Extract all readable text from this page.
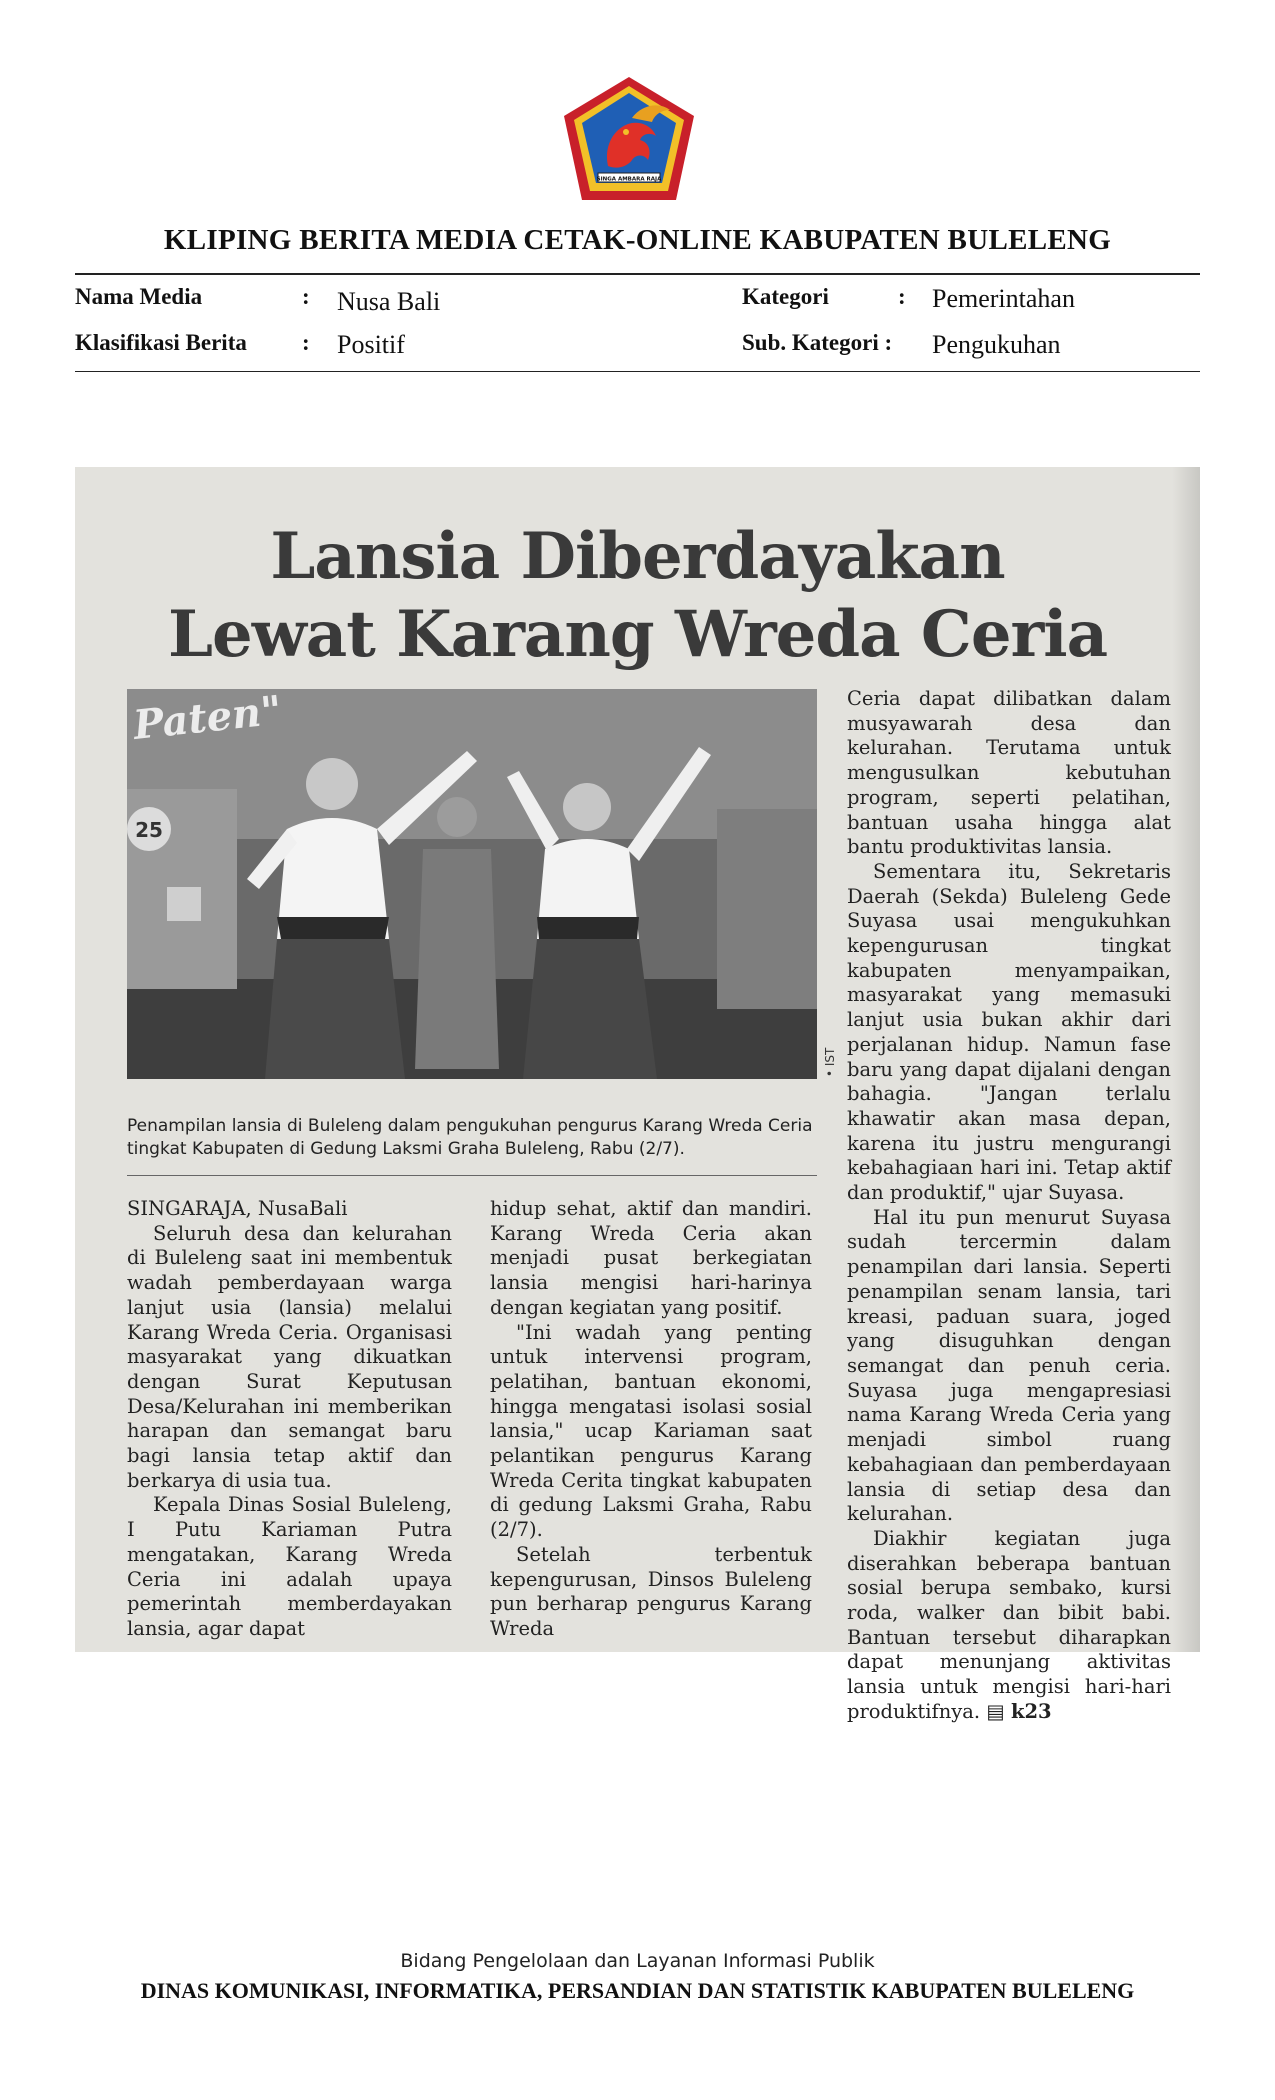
SINGA AMBARA RAJA
KLIPING BERITA MEDIA CETAK-ONLINE KABUPATEN BULELENG
Nama Media	: Nusa Bali	Kategori	: Pemerintahan
Klasifikasi Berita : Positif	Sub. Kategori : Pengukuhan
Lansia Diberdayakan
Lewat Karang Wreda Ceria
Paten"
25
• IST
Penampilan lansia di Buleleng dalam pengukuhan pengurus Karang Wreda Ceria tingkat Kabupaten di Gedung Laksmi Graha Buleleng, Rabu (2/7).

SINGARAJA, NusaBali

Seluruh desa dan kelurahan di Buleleng saat ini membentuk wadah pemberdayaan warga lanjut usia (lansia) melalui Karang Wreda Ceria. Organisasi masyarakat yang dikuatkan dengan Surat Keputusan Desa/Kelurahan ini memberikan harapan dan semangat baru bagi lansia tetap aktif dan berkarya di usia tua.

Kepala Dinas Sosial Buleleng, I Putu Kariaman Putra mengatakan, Karang Wreda Ceria ini adalah upaya pemerintah memberdayakan lansia, agar dapat

hidup sehat, aktif dan mandiri. Karang Wreda Ceria akan menjadi pusat berkegiatan lansia mengisi hari-harinya dengan kegiatan yang positif.

"Ini wadah yang penting untuk intervensi program, pelatihan, bantuan ekonomi, hingga mengatasi isolasi sosial lansia," ucap Kariaman saat pelantikan pengurus Karang Wreda Cerita tingkat kabupaten di gedung Laksmi Graha, Rabu (2/7).

Setelah terbentuk kepengurusan, Dinsos Buleleng pun berharap pengurus Karang Wreda

Ceria dapat dilibatkan dalam musyawarah desa dan kelurahan. Terutama untuk mengusulkan kebutuhan program, seperti pelatihan, bantuan usaha hingga alat bantu produktivitas lansia.

Sementara itu, Sekretaris Daerah (Sekda) Buleleng Gede Suyasa usai mengukuhkan kepengurusan tingkat kabupaten menyampaikan, masyarakat yang memasuki lanjut usia bukan akhir dari perjalanan hidup. Namun fase baru yang dapat dijalani dengan bahagia. "Jangan terlalu khawatir akan masa depan, karena itu justru mengurangi kebahagiaan hari ini. Tetap aktif dan produktif," ujar Suyasa.

Hal itu pun menurut Suyasa sudah tercermin dalam penampilan dari lansia. Seperti penampilan senam lansia, tari kreasi, paduan suara, joged yang disuguhkan dengan semangat dan penuh ceria. Suyasa juga mengapresiasi nama Karang Wreda Ceria yang menjadi simbol ruang kebahagiaan dan pemberdayaan lansia di setiap desa dan kelurahan.

Diakhir kegiatan juga diserahkan beberapa bantuan sosial berupa sembako, kursi roda, walker dan bibit babi. Bantuan tersebut diharapkan dapat menunjang aktivitas lansia untuk mengisi hari-hari produktifnya. ▤ k23

Bidang Pengelolaan dan Layanan Informasi Publik
DINAS KOMUNIKASI, INFORMATIKA, PERSANDIAN DAN STATISTIK KABUPATEN BULELENG
